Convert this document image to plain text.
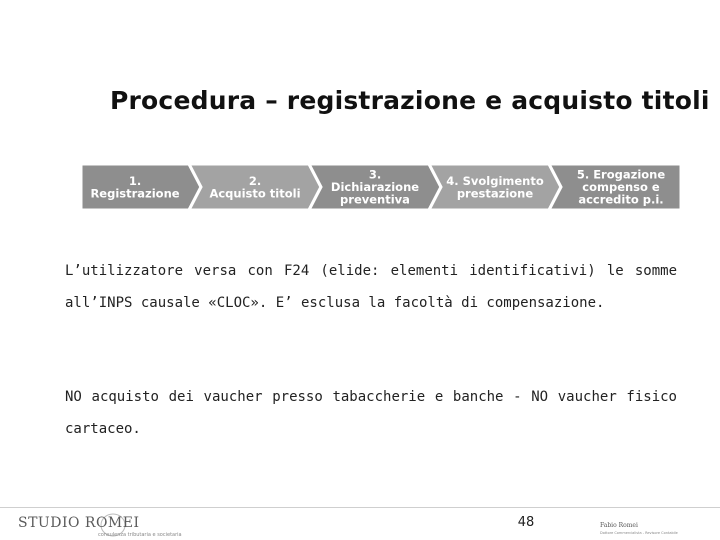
Procedura – registrazione e acquisto titoli
1. Registrazione
2. Acquisto titoli
3. Dichiarazione preventiva
4. Svolgimento prestazione
5. Erogazione compenso e accredito p.i.
L’utilizzatore versa con F24 (elide: elementi identificativi) le somme
all’INPS causale «CLOC». E’ esclusa la facoltà di compensazione.
NO acquisto dei vaucher presso tabaccherie e banche - NO vaucher fisico
cartaceo.
STUDIO ROMEI
consulenza tributaria e societaria
48	Fabio Romei
Dottore Commercialista - Revisore Contabile
